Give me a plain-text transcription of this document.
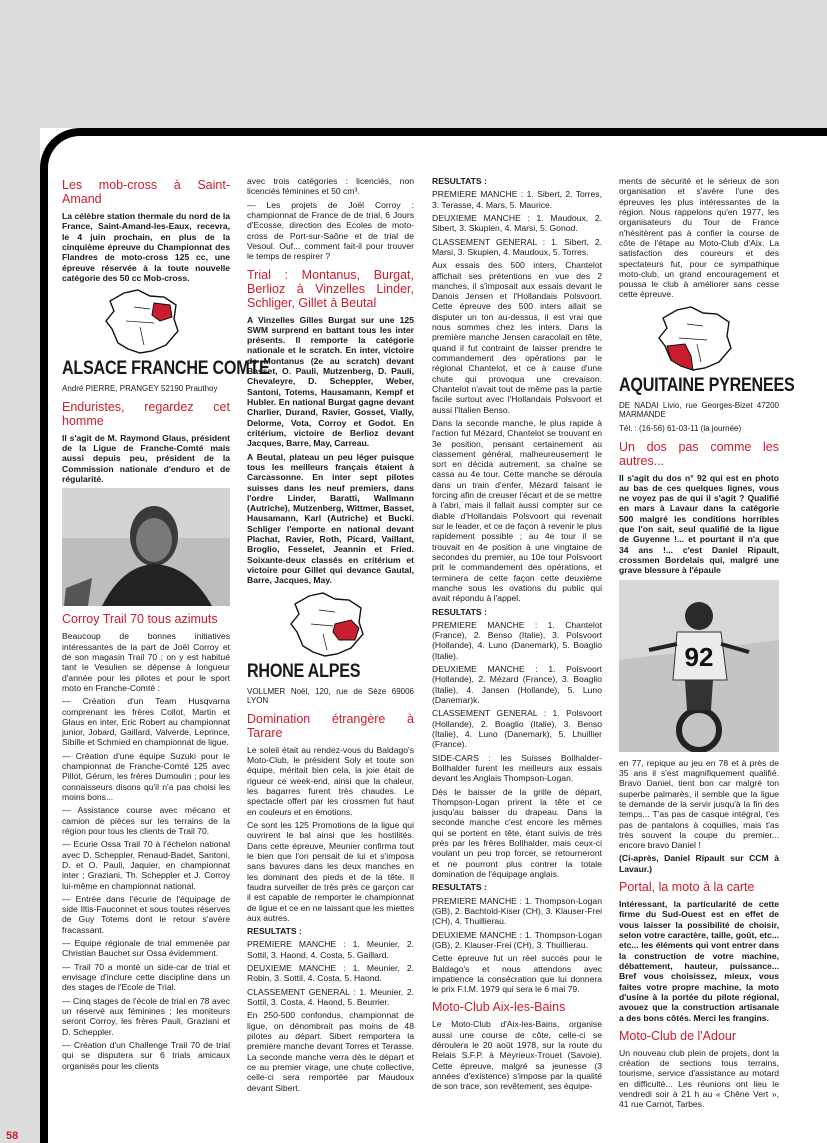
58
Les mob-cross à Saint-Amand

La célèbre station thermale du nord de la France, Saint-Amand-les-Eaux, recevra, le 4 juin prochain, en plus de la cinquième épreuve du Championnat des Flandres de moto-cross 125 cc, une épreuve réservée à la toute nouvelle catégorie des 50 cc Mob-cross.

ALSACE FRANCHE COMTE
André PIERRE, PRANGEY 52190 Prauthoy
Enduristes, regardez cet homme

Il s'agit de M. Raymond Glaus, président de la Ligue de Franche-Comté mais aussi depuis peu, président de la Commission nationale d'enduro et de régularité.

Corroy Trail 70 tous azimuts

Beaucoup de bonnes initiatives intéressantes de la part de Joël Corroy et de son magasin Trail 70 ; on y est habitué tant le Vesulien se dépense à longueur d'année pour les pilotes et pour le sport moto en Franche-Comté :

— Création d'un Team Husqvarna comprenant les frères Collot, Martin et Glaus en inter, Eric Robert au championnat junior, Jobard, Gaillard, Valverde, Leprince, Sibille et Schmied en championnat de ligue.

— Création d'une équipe Suzuki pour le championnat de Franche-Comté 125 avec Pillot, Gérum, les frères Dumoulin ; pour les connaisseurs disons qu'il n'a pas choisi les moins bons...

— Assistance course avec mécano et camion de pièces sur les terrains de la région pour tous les clients de Trail 70.

— Ecurie Ossa Trail 70 à l'échelon national avec D. Scheppler, Renaud-Badet, Santoni, D. et O. Pauli, Jaquier, en championnat inter ; Graziani, Th. Scheppler et J. Corroy lui-même en championnat national.

— Entrée dans l'écurie de l'équipage de side Iltis-Fauconnet et sous toutes réserves de Guy Totems dont le retour s'avère fracassant.

— Equipe régionale de trial emmenée par Christian Bauchet sur Ossa évidemment.

— Trail 70 a monté un side-car de trial et envisage d'inclure cette discipline dans un des stages de l'Ecole de Trial.

— Cinq stages de l'école de trial en 78 avec un réservé aux féminines ; les moniteurs seront Corroy, les frères Pauli, Graziani et D. Scheppler.

— Création d'un Challenge Trail 70 de trial qui se disputera sur 6 trials amicaux organisés pour les clients

avec trois catégories : licenciés, non licenciés féminines et 50 cm³.

— Les projets de Joël Corroy : championnat de France de de trial, 6 Jours d'Ecosse, direction des Ecoles de moto-cross de Port-sur-Saône et de trial de Vesoul. Ouf... comment fait-il pour trouver le temps de respirer ?

Trial : Montanus, Burgat, Berlioz à Vinzelles Linder, Schliger, Gillet à Beutal

A Vinzelles Gilles Burgat sur une 125 SWM surprend en battant tous les inter présents. Il remporte la catégorie nationale et le scratch. En inter, victoire de Montanus (2e au scratch) devant Basset, O. Pauli, Mutzenberg, D. Pauli, Chevaleyre, D. Scheppler, Weber, Santoni, Totems, Hausamann, Kempf et Hubler. En national Burgat gagne devant Charlier, Durand, Ravier, Gosset, Vially, Delorme, Vota, Corroy et Godot. En critérium, victoire de Berlioz devant Jacques, Barre, May, Carreau.

A Beutal, plateau un peu léger puisque tous les meilleurs français étaient à Carcassonne. En inter sept pilotes suisses dans les neuf premiers, dans l'ordre Linder, Baratti, Wallmann (Autriche), Mutzenberg, Wittmer, Basset, Hausamann, Karl (Autriche) et Bucki. Schliger l'emporte en national devant Plachat, Ravier, Roth, Picard, Vaillant, Broglio, Fesselet, Jeannin et Fried. Soixante-deux classés en critérium et victoire pour Gillet qui devance Gautal, Barre, Jacques, May.

RHONE ALPES
VOLLMER Noël, 120, rue de Sèze 69006 LYON
Domination étrangère à Tarare

Le soleil était au rendez-vous du Baldago's Moto-Club, le président Soly et toute son équipe, méritait bien cela, la joie était de rigueur ce week-end, ainsi que la chaleur, les bagarres furent très chaudes. Le spectacle offert par les crossmen fut haut en couleurs et en émotions.

Ce sont les 125 Promotions de la ligue qui ouvrirent le bal ainsi que les hostilités. Dans cette épreuve, Meunier confirma tout le bien que l'on pensait de lui et s'imposa sans bavures dans les deux manches en les dominant des pieds et de la tête. Il faudra surveiller de très près ce garçon car il est capable de remporter le championnat de ligue et ce en ne laissant que les miettes aux autres.

RESULTATS :

PREMIERE MANCHE : 1. Meunier, 2. Sottil, 3. Haond, 4. Costa, 5. Gaillard.

DEUXIEME MANCHE : 1. Meunier, 2. Robin, 3. Sottil, 4. Costa, 5. Haond.

CLASSEMENT GENERAL : 1. Meunier, 2. Sottil, 3. Costa, 4. Haond, 5. Beurrier.

En 250-500 confondus, championnat de ligue, on dénombrait pas moins de 48 pilotes au départ. Sibert remportera la première manche devant Torres et Terasse. La seconde manche verra dès le départ et ce au premier virage, une chute collective, celle-ci sera remportée par Maudoux devant Sibert.

RESULTATS :

PREMIERE MANCHE : 1. Sibert, 2. Torres, 3. Terasse, 4. Mars, 5. Maurice.

DEUXIEME MANCHE : 1. Maudoux, 2. Sibert, 3. Skupien, 4. Marsi, 5. Gonod.

CLASSEMENT GENERAL : 1. Sibert, 2. Marsi, 3. Skupien, 4. Maudoux, 5. Torres.

Aux essais des 500 inters, Chantelot affichait ses prétentions en vue des 2 manches, il s'imposait aux essais devant le Danois Jensen et l'Hollandais Polsvoort. Cette épreuve des 500 inters allait se disputer un ton au-dessus, il est vrai que nous sommes chez les inters. Dans la première manche Jensen caracolait en tête, quand il fut contraint de laisser prendre le commandement des opérations par le régional Chantelot, et ce à cause d'une chute qui provoqua une crevaison. Chantelot n'avait tout de même pas la partie facile surtout avec l'Hollandais Polsvoort et aussi l'Italien Benso.

Dans la seconde manche, le plus rapide à l'action fut Mézard, Chantelot se trouvant en 3e position, pensant certainement au classement général, malheureusement le sort en décida autrement, sa chaîne se cassa au 4e tour. Cette manche se déroula dans un train d'enfer, Mézard faisant le forcing afin de creuser l'écart et de se mettre à l'abri, mais il fallait aussi compter sur ce diable d'Hollandais Polsvoort qui revenait sur le leader, et ce de façon à revenir le plus rapidement possible ; au 4e tour il se trouvait en 4e position à une vingtaine de secondes du premier, au 10e tour Polsvoort prit le commandement des opérations, et terminera de cette façon cette deuxième manche sous les ovations du public qui avait répondu à l'appel.

RESULTATS :

PREMIERE MANCHE : 1. Chantelot (France), 2. Benso (Italie), 3. Polsvoort (Hollande), 4. Luno (Danemark), 5. Boaglio (Italie).

DEUXIEME MANCHE : 1. Polsvoort (Hollande), 2. Mézard (France), 3. Boaglio (Italie), 4. Jansen (Hollande), 5. Luno (Danemar)k.

CLASSEMENT GENERAL : 1. Polsvoort (Hollande), 2. Boaglio (Italie), 3. Benso (Italie), 4. Luno (Danemark), 5. Lhuillier (France).

SIDE-CARS : les Suisses Bollhalder-Bollhalder furent les meilleurs aux essais devant les Anglais Thompson-Logan.

Dès le baisser de la grille de départ, Thompson-Logan prirent la tête et ce jusqu'au baisser du drapeau. Dans la seconde manche c'est encore les mêmes qui se portent en tête, étant suivis de très près par les frères Bollhalder, mais ceux-ci voulant un peu trop forcer, se retourneront et ne pourront plus contrer la totale domination de l'équipage anglais.

RESULTATS :

PREMIERE MANCHE : 1. Thompson-Logan (GB), 2. Bachtold-Kiser (CH), 3. Klauser-Frei (CH), 4. Thuillierau.

DEUXIEME MANCHE : 1. Thompson-Logan (GB), 2. Klauser-Frei (CH), 3. Thuillierau.

Cette épreuve fut un réel succès pour le Baldago's et nous attendons avec impatience la consécration que lui donnera le prix F.I.M. 1979 qui sera le 6 mai 79.

Moto-Club Aix-les-Bains

Le Moto-Club d'Aix-les-Bains, organise aussi une course de côte, celle-ci se déroulera le 20 août 1978, sur la route du Relais S.F.P. à Meyrieux-Trouet (Savoie). Cette épreuve, malgré sa jeunesse (3 années d'existence) s'impose par la qualité de son trace, son revêtement, ses équipe-

ments de sécurité et le sérieux de son organisation et s'avère l'une des épreuves les plus intéressantes de la région. Nous rappelons qu'en 1977, les organisateurs du Tour de France n'hésitèrent pas à confier la course de côte de l'étape au Moto-Club d'Aix. La satisfaction des coureurs et des spectateurs fut, pour ce sympathique moto-club, un grand encouragement et poussa le club à améliorer sans cesse cette épreuve.

AQUITAINE PYRENEES
DE NADAI Livio, rue Georges-Bizet 47200 MARMANDE
Tél. : (16-56) 61-03-11 (la journée)
Un dos pas comme les autres...

Il s'agit du dos n° 92 qui est en photo au bas de ces quelques lignes, vous ne voyez pas de qui il s'agit ? Qualifié en mars à Lavaur dans la catégorie 500 malgré les conditions horribles que l'on sait, seul qualifié de la ligue de Guyenne !... et pourtant il n'a que 34 ans !... c'est Daniel Ripault, crossmen Bordelais qui, malgré une grave blessure à l'épaule

92

en 77, repique au jeu en 78 et à près de 35 ans il s'est magnifiquement qualifié. Bravo Daniel, tient bon car malgré ton superbe palmarès, il semble que la ligue te demande de la servir jusqu'à la fin des temps... T'as pas de casque intégral, t'es pas de pantalons à coquilles, mais t'as très souvent la coupe du premier... encore bravo Daniel !

(Ci-après, Daniel Ripault sur CCM à Lavaur.)

Portal, la moto à la carte

Intéressant, la particularité de cette firme du Sud-Ouest est en effet de vous laisser la possibilité de choisir, selon votre caractère, taille, goût, etc... etc... les éléments qui vont entrer dans la construction de votre machine, débattement, hauteur, puissance... Bref vous choisissez, mieux, vous faites votre propre machine, la moto d'usine à la portée du pilote régional, avouez que la construction artisanale a des bons côtés. Merci les frangins.

Moto-Club de l'Adour

Un nouveau club plein de projets, dont la création de sections tous terrains, tourisme, service d'assistance au motard en difficulté... Les réunions ont lieu le vendredi soir à 21 h au « Chêne Vert », 41 rue Carnot, Tarbes.
